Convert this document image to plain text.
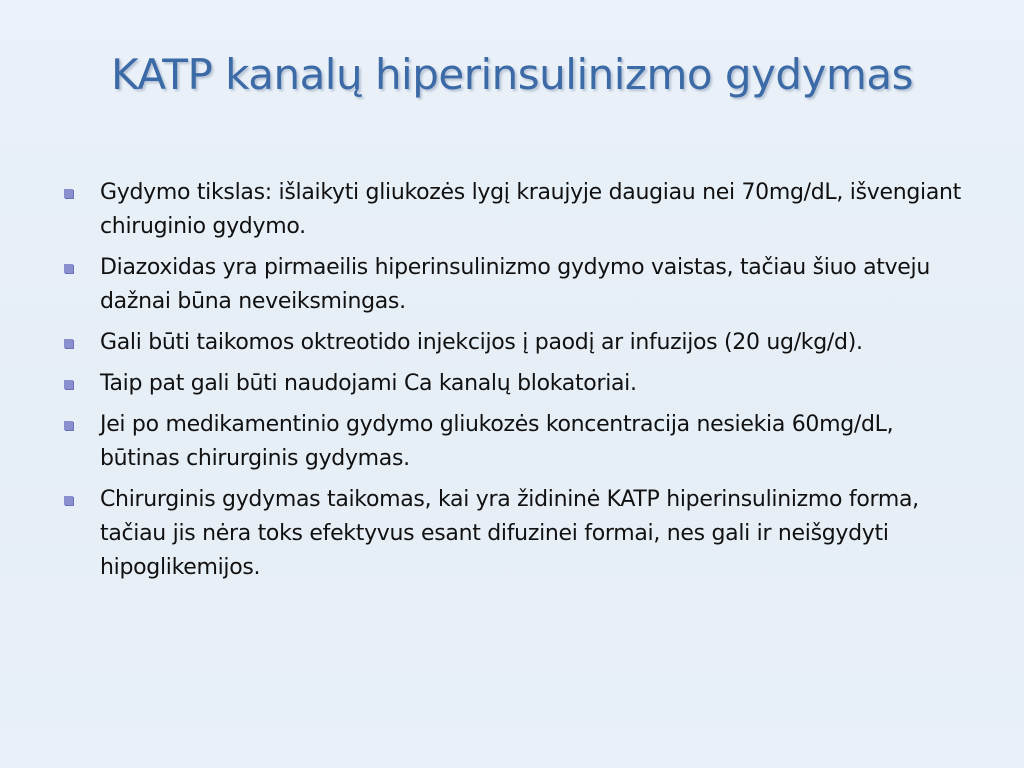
KATP kanalų hiperinsulinizmo gydymas
Gydymo tikslas: išlaikyti gliukozės lygį kraujyje daugiau nei 70mg/dL, išvengiant chiruginio gydymo.
Diazoxidas yra pirmaeilis hiperinsulinizmo gydymo vaistas, tačiau šiuo atveju dažnai būna neveiksmingas.
Gali būti taikomos oktreotido injekcijos į paodį ar infuzijos (20 ug/kg/d).
Taip pat gali būti naudojami Ca kanalų blokatoriai.
Jei po medikamentinio gydymo gliukozės koncentracija nesiekia 60mg/dL, būtinas chirurginis gydymas.
Chirurginis gydymas taikomas, kai yra židininė KATP hiperinsulinizmo forma, tačiau jis nėra toks efektyvus esant difuzinei formai, nes gali ir neišgydyti hipoglikemijos.
